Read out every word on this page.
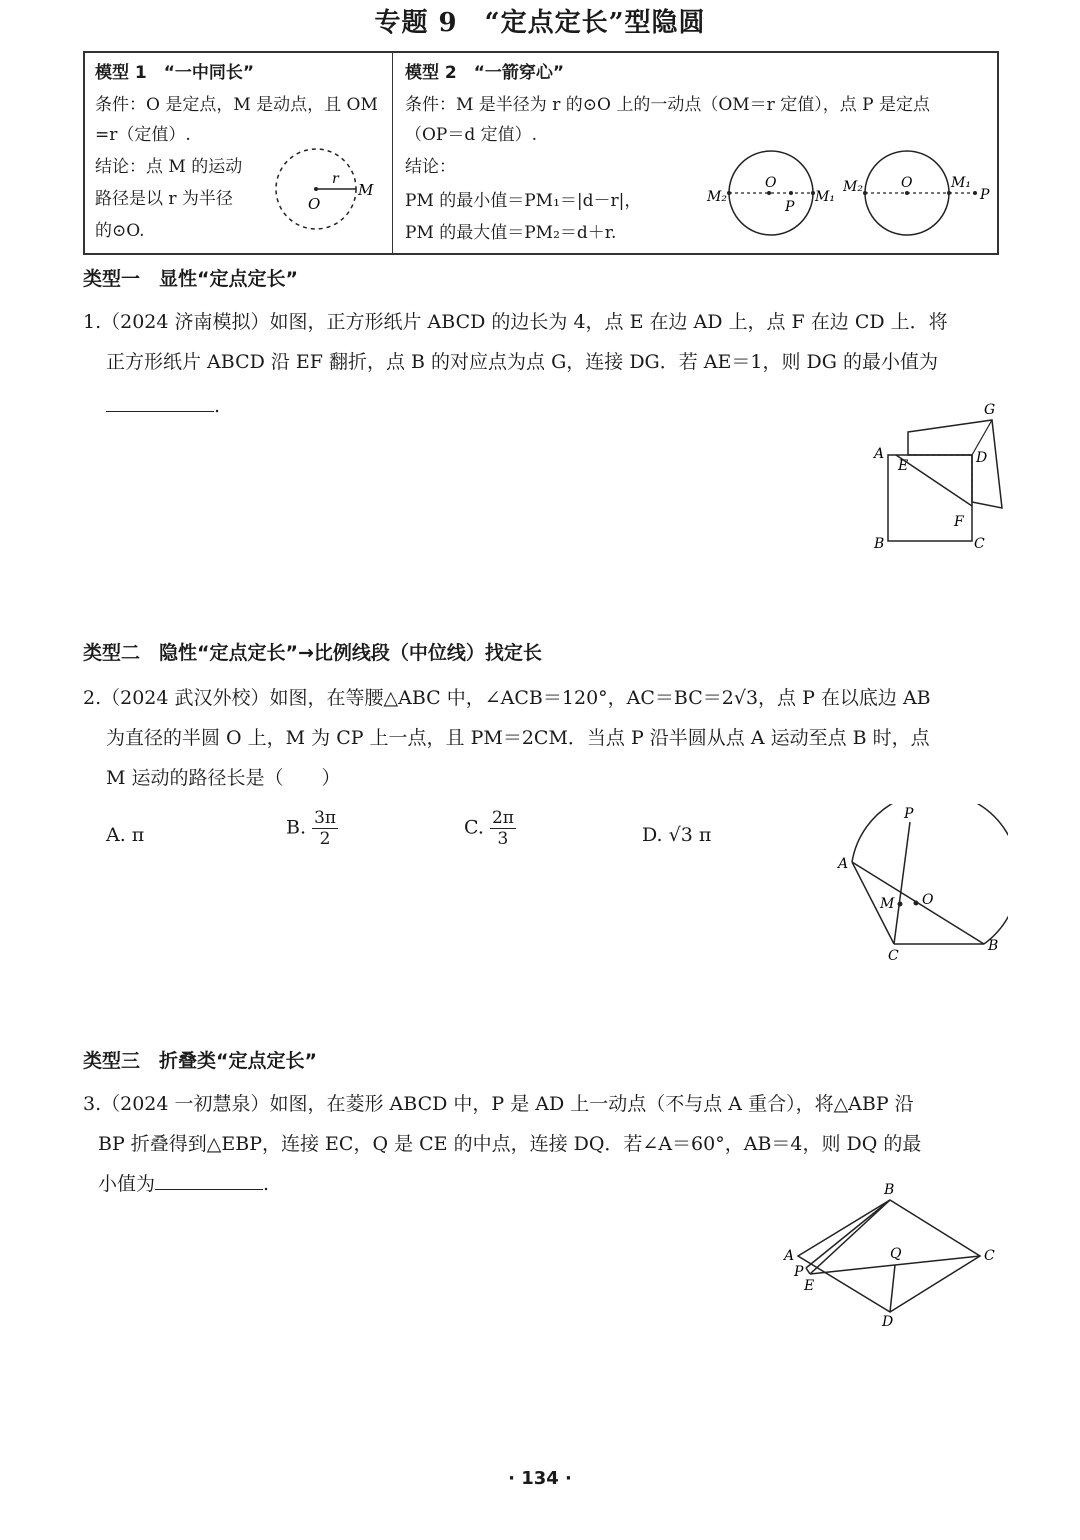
专题 9　“定点定长”型隐圆
模型 1　“一中同长”
条件：O 是定点，M 是动点，且 OM
=r（定值）.
结论：点 M 的运动
路径是以 r 为半径
的⊙O.
O
r
M
模型 2　“一箭穿心”
条件：M 是半径为 r 的⊙O 上的一动点（OM＝r 定值），点 P 是定点
（OP＝d 定值）.
结论：
PM 的最小值＝PM₁＝|d－r|，
PM 的最大值＝PM₂＝d＋r.
M₂
O
P
M₁
M₂	O	M₁
P
类型一　显性“定点定长”
1.（2024 济南模拟）如图，正方形纸片 ABCD 的边长为 4，点 E 在边 AD 上，点 F 在边 CD 上．将
正方形纸片 ABCD 沿 EF 翻折，点 B 的对应点为点 G，连接 DG．若 AE＝1，则 DG 的最小值为
.
A
E	D
G
F
B	C
类型二　隐性“定点定长”→比例线段（中位线）找定长
2.（2024 武汉外校）如图，在等腰△ABC 中，∠ACB＝120°，AC＝BC＝2√3，点 P 在以底边 AB
为直径的半圆 O 上，M 为 CP 上一点，且 PM＝2CM．当点 P 沿半圆从点 A 运动至点 B 时，点
M 运动的路径长是（　　）
A. π	B. $\frac{3\pi}{2}$	C. $\frac{2\pi}{3}$	D. √3 π
P
A
M O
B
C
类型三　折叠类“定点定长”
3.（2024 一初慧泉）如图，在菱形 ABCD 中，P 是 AD 上一动点（不与点 A 重合），将△ABP 沿
BP 折叠得到△EBP，连接 EC，Q 是 CE 的中点，连接 DQ．若∠A＝60°，AB＝4，则 DQ 的最
小值为	.	B
A
P
E
Q	C
D
· 134 ·
